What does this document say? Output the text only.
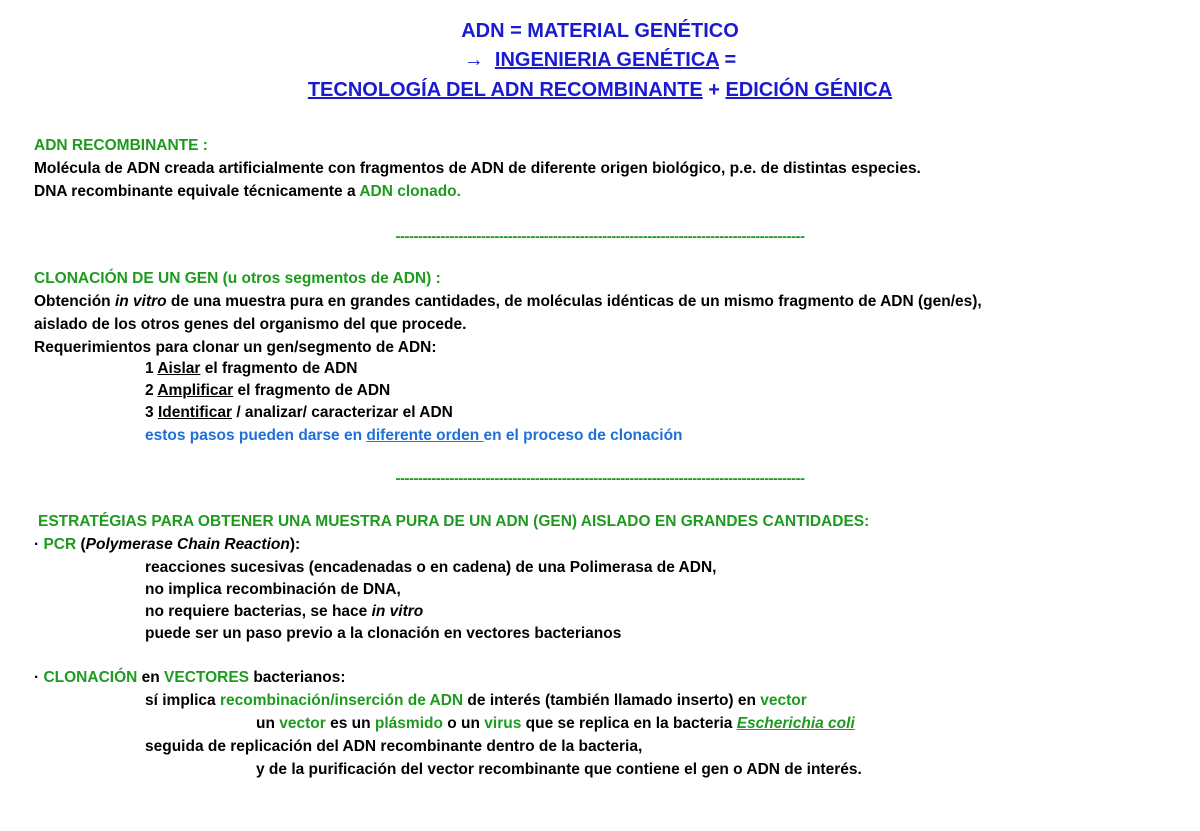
ADN = MATERIAL GENÉTICO
→ INGENIERIA GENÉTICA =
TECNOLOGÍA DEL ADN RECOMBINANTE + EDICIÓN GÉNICA
ADN RECOMBINANTE :
Molécula de ADN creada artificialmente con fragmentos de ADN de diferente origen biológico, p.e. de distintas especies.
DNA recombinante equivale técnicamente a ADN clonado.
-------------------------------------------------------------------------------------------
CLONACIÓN DE UN GEN (u otros segmentos de ADN) :
Obtención in vitro de una muestra pura en grandes cantidades, de moléculas idénticas de un mismo fragmento de ADN (gen/es),
aislado de los otros genes del organismo del que procede.
Requerimientos para clonar un gen/segmento de ADN:
1 Aislar el fragmento de ADN
2 Amplificar el fragmento de ADN
3 Identificar / analizar/ caracterizar el ADN
estos pasos pueden darse en diferente orden en el proceso de clonación
-------------------------------------------------------------------------------------------
ESTRATÉGIAS PARA OBTENER UNA MUESTRA PURA DE UN ADN (GEN) AISLADO EN GRANDES CANTIDADES:
· PCR (Polymerase Chain Reaction):
reacciones sucesivas (encadenadas o en cadena) de una Polimerasa de ADN,
no implica recombinación de DNA,
no requiere bacterias, se hace in vitro
puede ser un paso previo a la clonación en vectores bacterianos
· CLONACIÓN en VECTORES bacterianos:
sí implica recombinación/inserción de ADN de interés (también llamado inserto) en vector
un vector es un plásmido o un virus que se replica en la bacteria Escherichia coli
seguida de replicación del ADN recombinante dentro de la bacteria,
y de la purificación del vector recombinante que contiene el gen o ADN de interés.
